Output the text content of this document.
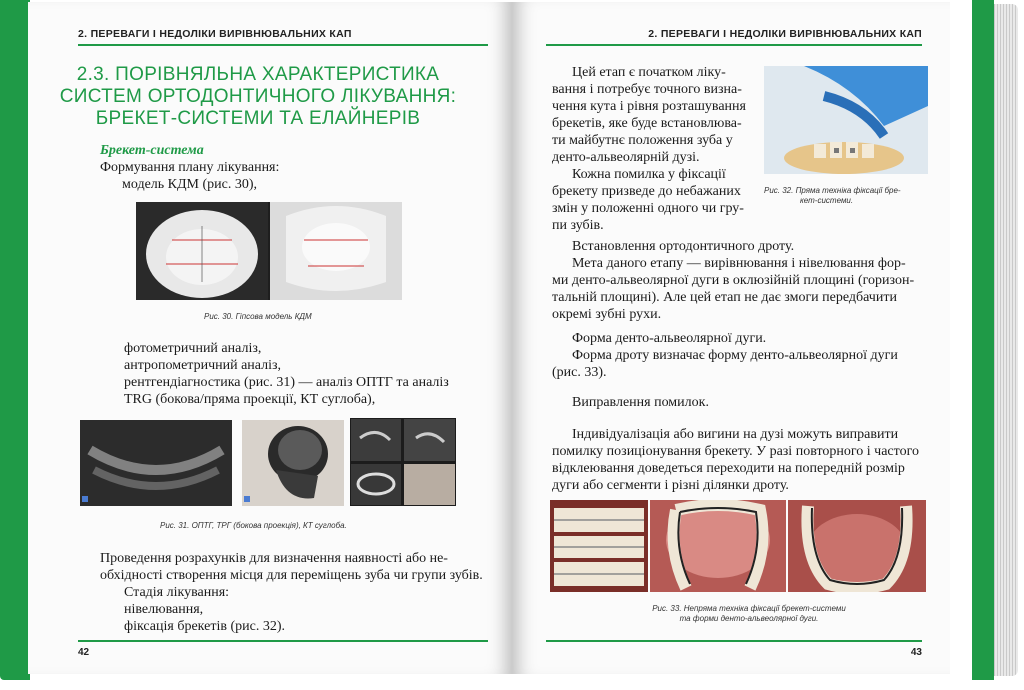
2. ПЕРЕВАГИ І НЕДОЛІКИ ВИРІВНЮВАЛЬНИХ КАП
2.3. ПОРІВНЯЛЬНА ХАРАКТЕРИСТИКА
СИСТЕМ ОРТОДОНТИЧНОГО ЛІКУВАННЯ:
БРЕКЕТ-СИСТЕМИ ТА ЕЛАЙНЕРІВ
Брекет-система
Формування плану лікування:
модель КДМ (рис. 30),
Рис. 30. Гіпсова модель КДМ
фотометричний аналіз,
антропометричний аналіз,
рентгендіагностика (рис. 31) — аналіз ОПТГ та аналіз
TRG (бокова/пряма проекції, КТ суглоба),
Рис. 31. ОПТГ, ТРГ (бокова проекція), КТ суглоба.
Проведення розрахунків для визначення наявності або не-
обхідності створення місця для переміщень зуба чи групи зубів.
Стадія лікування:
нівелювання,
фіксація брекетів (рис. 32).
42
2. ПЕРЕВАГИ І НЕДОЛІКИ ВИРІВНЮВАЛЬНИХ КАП
Цей етап є початком ліку-
вання і потребує точного визна-
чення кута і рівня розташування
брекетів, яке буде встановлюва-
ти майбутнє положення зуба у
денто-альвеолярній дузі.
Кожна помилка у фіксації
брекету призведе до небажаних
змін у положенні одного чи гру-
пи зубів.
Рис. 32. Пряма техніка фіксації бре-
кет-системи.
Встановлення ортодонтичного дроту.
Мета даного етапу — вирівнювання і нівелювання фор-
ми денто-альвеолярної дуги в оклюзійній площині (горизон-
тальній площині). Але цей етап не дає змоги передбачити
окремі зубні рухи.
Форма денто-альвеолярної дуги.
Форма дроту визначає форму денто-альвеолярної дуги
(рис. 33).
Виправлення помилок.
Індивідуалізація або вигини на дузі можуть виправити
помилку позиціонування брекету. У разі повторного і частого
відклеювання доведеться переходити на попередній розмір
дуги або сегменти і різні ділянки дроту.
Рис. 33. Непряма техніка фіксації брекет-системи
та форми денто-альвеолярної дуги.
43
